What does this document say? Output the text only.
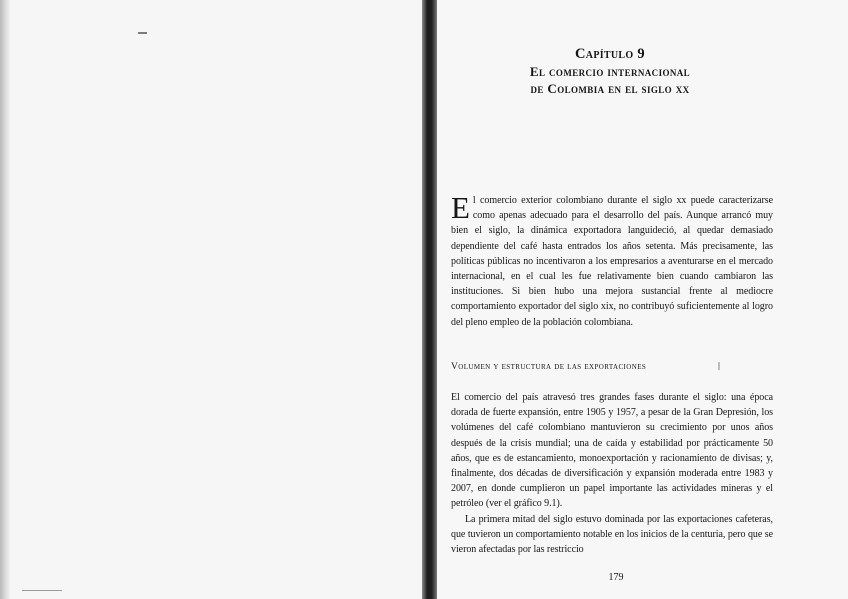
Capítulo 9
El comercio internacional
de Colombia en el siglo xx
El comercio exterior colombiano durante el siglo xx puede caracterizarse como apenas adecuado para el desarrollo del país. Aunque arrancó muy bien el siglo, la dinámica exportadora languideció, al quedar demasiado dependiente del café hasta entrados los años setenta. Más precisamente, las políticas públicas no incentivaron a los empresarios a aventurarse en el mercado internacional, en el cual les fue relativamente bien cuando cambiaron las instituciones. Si bien hubo una mejora sustancial frente al mediocre comportamiento exportador del siglo xix, no contribuyó suficientemente al logro del pleno empleo de la población colombiana.
Volumen y estructura de las exportaciones
El comercio del país atravesó tres grandes fases durante el siglo: una época dorada de fuerte expansión, entre 1905 y 1957, a pesar de la Gran Depresión, los volúmenes del café colombiano mantuvieron su crecimiento por unos años después de la crisis mundial; una de caída y estabilidad por prácticamente 50 años, que es de estancamiento, monoexportación y racionamiento de divisas; y, finalmente, dos décadas de diversificación y expansión moderada entre 1983 y 2007, en donde cumplieron un papel importante las actividades mineras y el petróleo (ver el gráfico 9.1).
La primera mitad del siglo estuvo dominada por las exportaciones cafeteras, que tuvieron un comportamiento notable en los inicios de la centuria, pero que se vieron afectadas por las restriccio
179
